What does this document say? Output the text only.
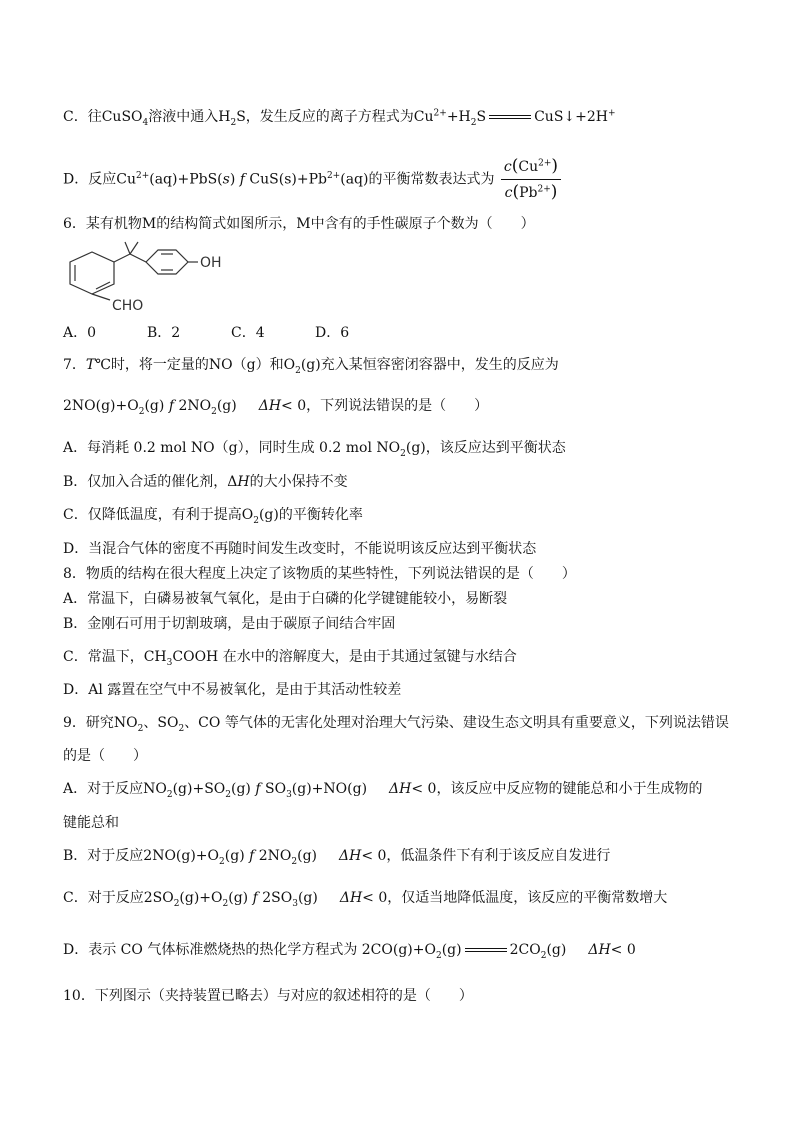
C．往CuSO$_4$溶液中通入$H_2S$，发生反应的离子方程式为$Cu^{2+}+H_2S$	CuS↓+2H+
D．反应$Cu^{2+}(aq)+PbS(s)$ f $CuS(s)+Pb^{2+}(aq)$的平衡常数表达式为 $\frac{c(Cu^{2+})}{c(Pb^{2+})}$
6．某有机物M的结构简式如图所示，M中含有的手性碳原子个数为（　　）
OH
CHO
A．0	B．2	C．4	D．6
7．T℃时，将一定量的NO（g）和$O_2(g)$充入某恒容密闭容器中，发生的反应为
$2NO(g)+O_2(g)$ f $2NO_2(g)$ ΔH< 0，下列说法错误的是（　　）
A．每消耗 0.2 mol NO（g），同时生成 0.2 mol $NO_2(g)$，该反应达到平衡状态
B．仅加入合适的催化剂，ΔH的大小保持不变
C．仅降低温度，有利于提高$O_2(g)$的平衡转化率
D．当混合气体的密度不再随时间发生改变时，不能说明该反应达到平衡状态
8．物质的结构在很大程度上决定了该物质的某些特性，下列说法错误的是（　　）
A．常温下，白磷易被氧气氧化，是由于白磷的化学键键能较小，易断裂
B．金刚石可用于切割玻璃，是由于碳原子间结合牢固
C．常温下，$CH_3COOH$ 在水中的溶解度大，是由于其通过氢键与水结合
D．Al 露置在空气中不易被氧化，是由于其活动性较差
9．研究$NO_2$、$SO_2$、CO 等气体的无害化处理对治理大气污染、建设生态文明具有重要意义，下列说法错误
的是（　　）
A．对于反应$NO_2(g)+SO_2(g)$ f $SO_3(g)+NO(g)$ ΔH< 0，该反应中反应物的键能总和小于生成物的
键能总和
B．对于反应$2NO(g)+O_2(g)$ f $2NO_2(g)$ ΔH< 0，低温条件下有利于该反应自发进行
C．对于反应$2SO_2(g)+O_2(g)$ f $2SO_3(g)$ ΔH< 0，仅适当地降低温度，该反应的平衡常数增大
D．表示 CO 气体标准燃烧热的热化学方程式为 $2CO(g)+O_2(g)$	$2CO_2(g)$ ΔH< 0
10．下列图示（夹持装置已略去）与对应的叙述相符的是（　　）
